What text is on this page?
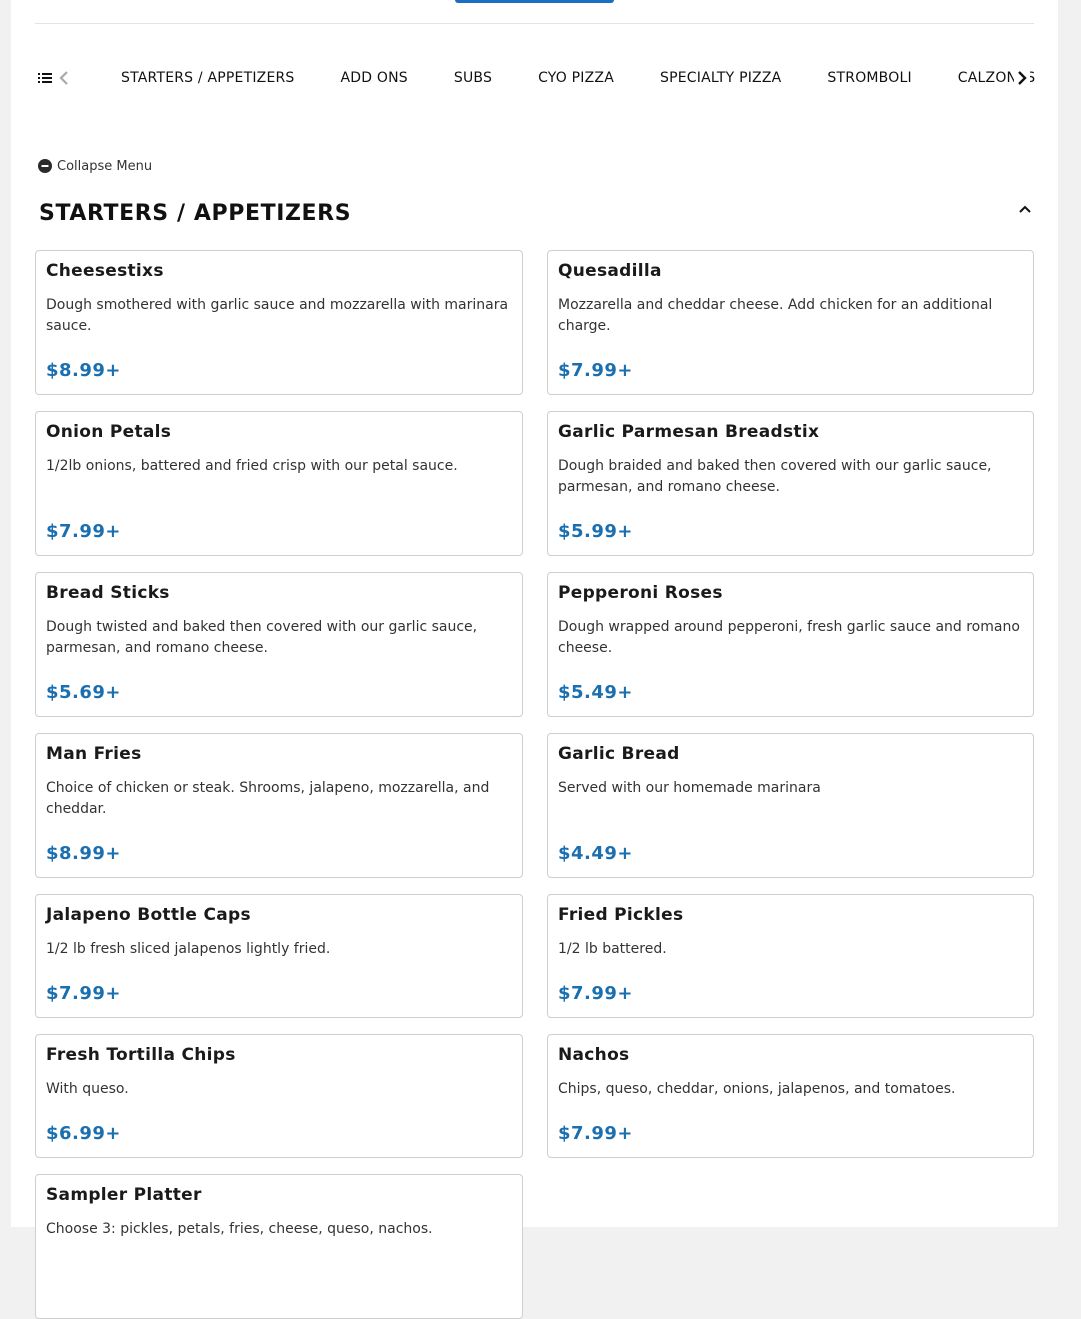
STARTERS / APPETIZERS	ADD ONS	SUBS	CYO PIZZA	SPECIALTY PIZZA	STROMBOLI	CALZONES
Collapse Menu
STARTERS / APPETIZERS

Cheesestixs

Dough smothered with garlic sauce and mozzarella with marinara sauce.

$8.99+

Quesadilla

Mozzarella and cheddar cheese. Add chicken for an additional charge.

$7.99+

Onion Petals

1/2lb onions, battered and fried crisp with our petal sauce.

$7.99+

Garlic Parmesan Breadstix

Dough braided and baked then covered with our garlic sauce, parmesan, and romano cheese.

$5.99+

Bread Sticks

Dough twisted and baked then covered with our garlic sauce, parmesan, and romano cheese.

$5.69+

Pepperoni Roses

Dough wrapped around pepperoni, fresh garlic sauce and romano cheese.

$5.49+

Man Fries

Choice of chicken or steak. Shrooms, jalapeno, mozzarella, and cheddar.

$8.99+

Garlic Bread

Served with our homemade marinara

$4.49+

Jalapeno Bottle Caps

1/2 lb fresh sliced jalapenos lightly fried.

$7.99+

Fried Pickles

1/2 lb battered.

$7.99+

Fresh Tortilla Chips

With queso.

$6.99+

Nachos

Chips, queso, cheddar, onions, jalapenos, and tomatoes.

$7.99+

Sampler Platter

Choose 3: pickles, petals, fries, cheese, queso, nachos.
